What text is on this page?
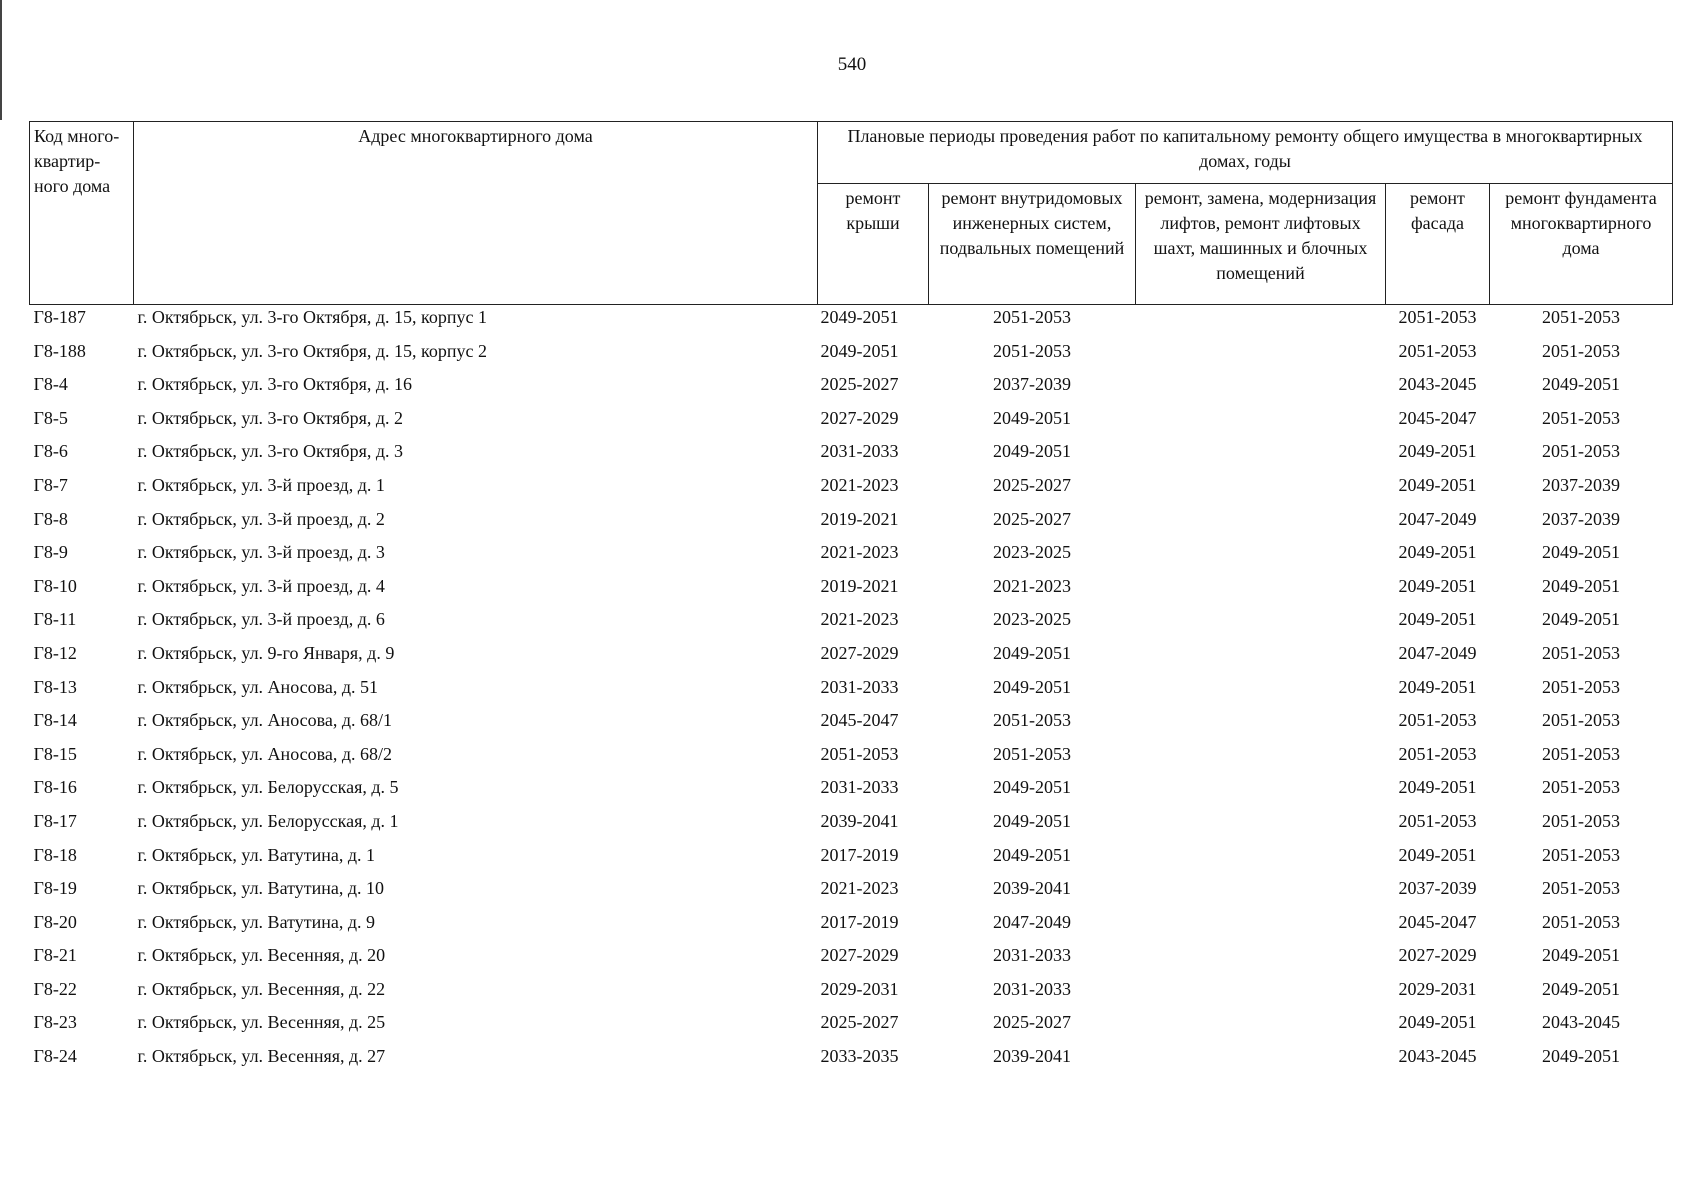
540
Код много-квартир-ного дома	Адрес многоквартирного дома	Плановые периоды проведения работ по капитальному ремонту общего имущества в многоквартирных домах, годы				
		ремонт крыши	ремонт внутридомовых инженерных систем, подвальных помещений	ремонт, замена, модернизация лифтов, ремонт лифтовых шахт, машинных и блочных помещений	ремонт фасада	ремонт фундамента многоквартирного дома
Г8-187	г. Октябрьск, ул. 3-го Октября, д. 15, корпус 1	2049-2051	2051-2053		2051-2053	2051-2053
Г8-188	г. Октябрьск, ул. 3-го Октября, д. 15, корпус 2	2049-2051	2051-2053		2051-2053	2051-2053
Г8-4	г. Октябрьск, ул. 3-го Октября, д. 16	2025-2027	2037-2039		2043-2045	2049-2051
Г8-5	г. Октябрьск, ул. 3-го Октября, д. 2	2027-2029	2049-2051		2045-2047	2051-2053
Г8-6	г. Октябрьск, ул. 3-го Октября, д. 3	2031-2033	2049-2051		2049-2051	2051-2053
Г8-7	г. Октябрьск, ул. 3-й проезд, д. 1	2021-2023	2025-2027		2049-2051	2037-2039
Г8-8	г. Октябрьск, ул. 3-й проезд, д. 2	2019-2021	2025-2027		2047-2049	2037-2039
Г8-9	г. Октябрьск, ул. 3-й проезд, д. 3	2021-2023	2023-2025		2049-2051	2049-2051
Г8-10	г. Октябрьск, ул. 3-й проезд, д. 4	2019-2021	2021-2023		2049-2051	2049-2051
Г8-11	г. Октябрьск, ул. 3-й проезд, д. 6	2021-2023	2023-2025		2049-2051	2049-2051
Г8-12	г. Октябрьск, ул. 9-го Января, д. 9	2027-2029	2049-2051		2047-2049	2051-2053
Г8-13	г. Октябрьск, ул. Аносова, д. 51	2031-2033	2049-2051		2049-2051	2051-2053
Г8-14	г. Октябрьск, ул. Аносова, д. 68/1	2045-2047	2051-2053		2051-2053	2051-2053
Г8-15	г. Октябрьск, ул. Аносова, д. 68/2	2051-2053	2051-2053		2051-2053	2051-2053
Г8-16	г. Октябрьск, ул. Белорусская, д. 5	2031-2033	2049-2051		2049-2051	2051-2053
Г8-17	г. Октябрьск, ул. Белорусская, д. 1	2039-2041	2049-2051		2051-2053	2051-2053
Г8-18	г. Октябрьск, ул. Ватутина, д. 1	2017-2019	2049-2051		2049-2051	2051-2053
Г8-19	г. Октябрьск, ул. Ватутина, д. 10	2021-2023	2039-2041		2037-2039	2051-2053
Г8-20	г. Октябрьск, ул. Ватутина, д. 9	2017-2019	2047-2049		2045-2047	2051-2053
Г8-21	г. Октябрьск, ул. Весенняя, д. 20	2027-2029	2031-2033		2027-2029	2049-2051
Г8-22	г. Октябрьск, ул. Весенняя, д. 22	2029-2031	2031-2033		2029-2031	2049-2051
Г8-23	г. Октябрьск, ул. Весенняя, д. 25	2025-2027	2025-2027		2049-2051	2043-2045
Г8-24	г. Октябрьск, ул. Весенняя, д. 27	2033-2035	2039-2041		2043-2045	2049-2051
